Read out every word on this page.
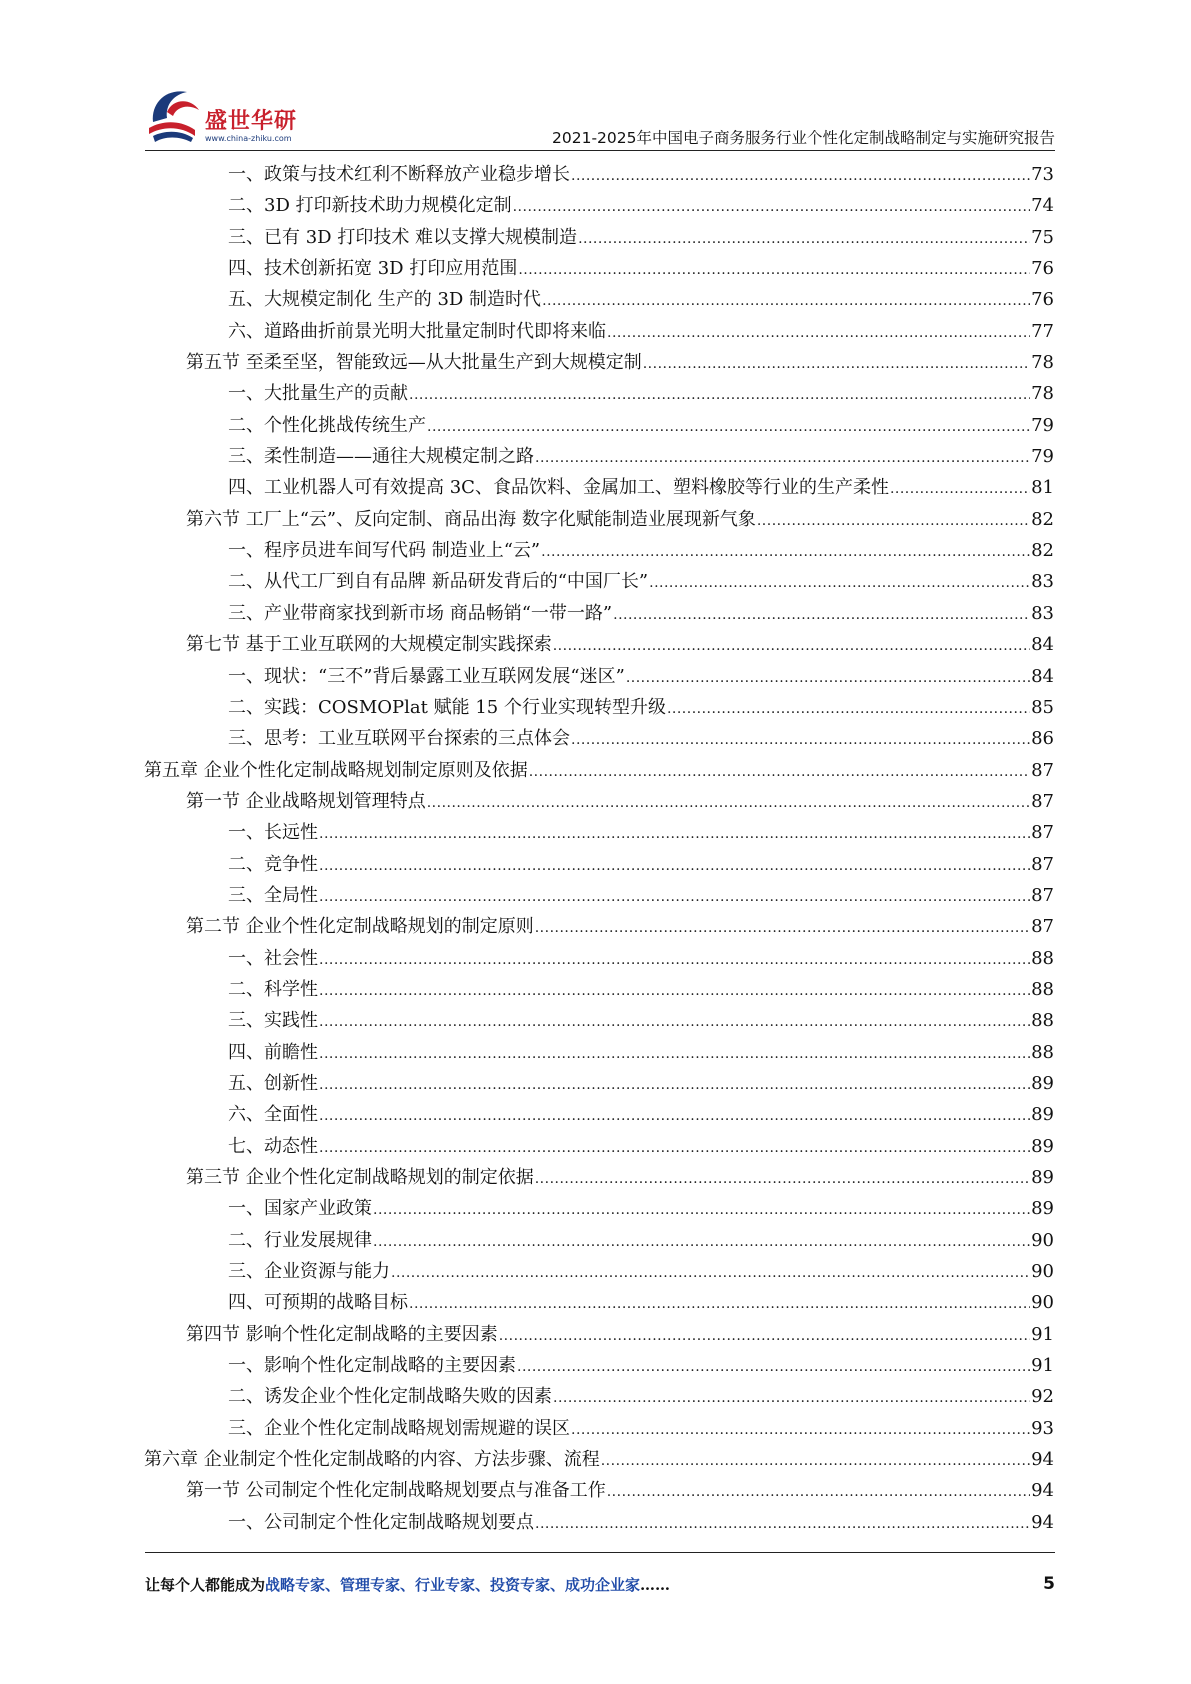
盛世华研
www.china-zhiku.com	2021-2025年中国电子商务服务行业个性化定制战略制定与实施研究报告
一、政策与技术红利不断释放产业稳步增长 .....	73
二、3D 打印新技术助力规模化定制 .....	74
三、已有 3D 打印技术 难以支撑大规模制造 .....	75
四、技术创新拓宽 3D 打印应用范围 .....	76
五、大规模定制化 生产的 3D 制造时代 .....	76
六、道路曲折前景光明大批量定制时代即将来临 .....	77
第五节 至柔至坚，智能致远—从大批量生产到大规模定制 .....	78
一、大批量生产的贡献 .....	78
二、个性化挑战传统生产 .....	79
三、柔性制造——通往大规模定制之路 .....	79
四、工业机器人可有效提高 3C、食品饮料、金属加工、塑料橡胶等行业的生产柔性 .....	81
第六节 工厂上“云”、反向定制、商品出海 数字化赋能制造业展现新气象 .....	82
一、程序员进车间写代码 制造业上“云” .....	82
二、从代工厂到自有品牌 新品研发背后的“中国厂长” .....	83
三、产业带商家找到新市场 商品畅销“一带一路” .....	83
第七节 基于工业互联网的大规模定制实践探索 .....	84
一、现状：“三不”背后暴露工业互联网发展“迷区” .....	84
二、实践：COSMOPlat 赋能 15 个行业实现转型升级 .....	85
三、思考：工业互联网平台探索的三点体会 .....	86
第五章 企业个性化定制战略规划制定原则及依据 .....	87
第一节 企业战略规划管理特点 .....	87
一、长远性 .....	87
二、竞争性 .....	87
三、全局性 .....	87
第二节 企业个性化定制战略规划的制定原则 .....	87
一、社会性 .....	88
二、科学性 .....	88
三、实践性 .....	88
四、前瞻性 .....	88
五、创新性 .....	89
六、全面性 .....	89
七、动态性 .....	89
第三节 企业个性化定制战略规划的制定依据 .....	89
一、国家产业政策 .....	89
二、行业发展规律 .....	90
三、企业资源与能力 .....	90
四、可预期的战略目标 .....	90
第四节 影响个性化定制战略的主要因素 .....	91
一、影响个性化定制战略的主要因素 .....	91
二、诱发企业个性化定制战略失败的因素 .....	92
三、企业个性化定制战略规划需规避的误区 .....	93
第六章 企业制定个性化定制战略的内容、方法步骤、流程 .....	94
第一节 公司制定个性化定制战略规划要点与准备工作 .....	94
一、公司制定个性化定制战略规划要点 .....	94
让每个人都能成为战略专家、管理专家、行业专家、投资专家、成功企业家……	5
